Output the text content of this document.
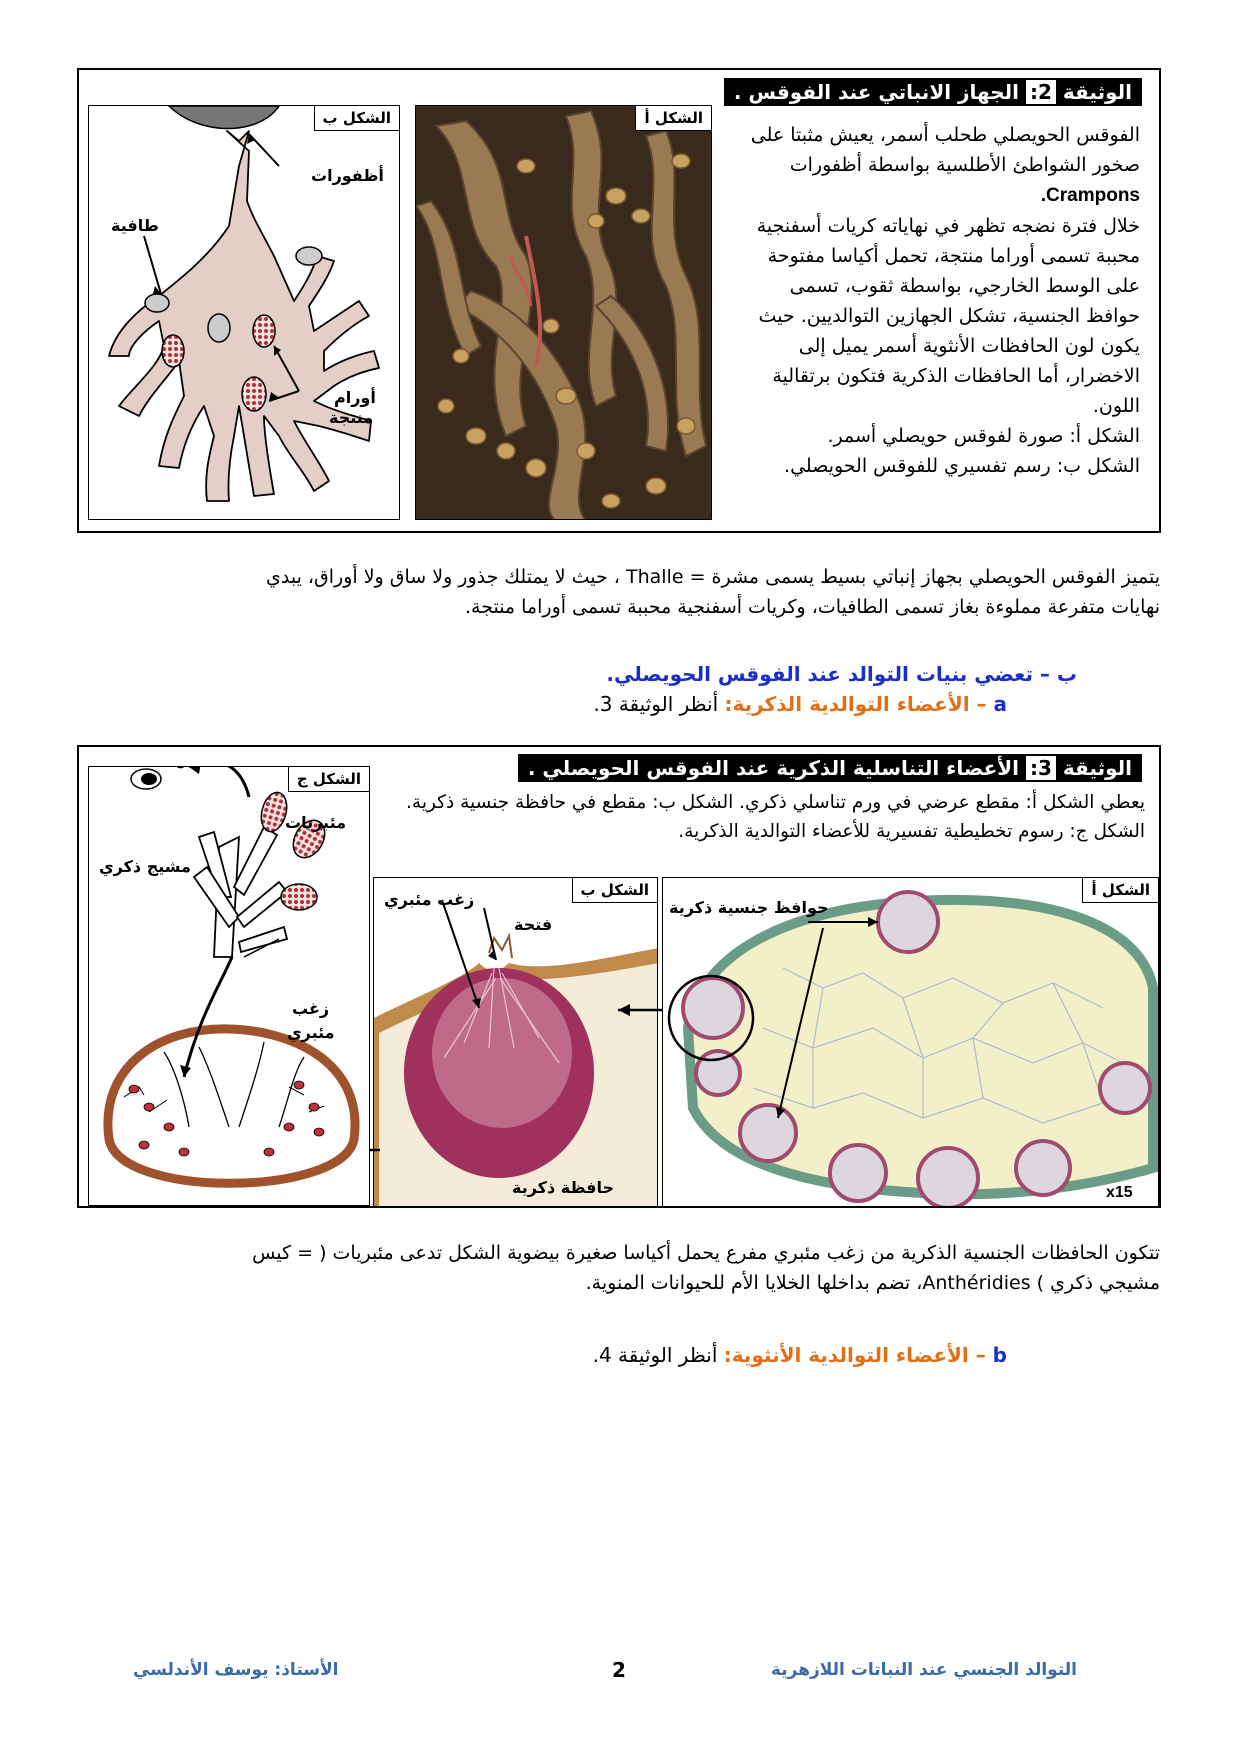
الوثيقة 2: الجهاز الانباتي عند الفوقس .
الفوقس الحويصلي طحلب أسمر، يعيش مثبتا على صخور الشواطئ الأطلسية بواسطة أظفورات Crampons.
خلال فترة نضجه تظهر في نهاياته كريات أسفنجية محببة تسمى أوراما منتجة، تحمل أكياسا مفتوحة على الوسط الخارجي، بواسطة ثقوب، تسمى حوافظ الجنسية، تشكل الجهازين التوالديين. حيث يكون لون الحافظات الأنثوية أسمر يميل إلى الاخضرار، أما الحافظات الذكرية فتكون برتقالية اللون.
الشكل أ: صورة لفوقس حويصلي أسمر.
الشكل ب: رسم تفسيري للفوقس الحويصلي.
الشكل أ
الشكل ب
أظفورات
طافية
أورام
منتجة
يتميز الفوقس الحويصلي بجهاز إنباتي بسيط يسمى مشرة = Thalle ، حيث لا يمتلك جذور ولا ساق ولا أوراق، يبدي
نهايات متفرعة مملوءة بغاز تسمى الطافيات، وكريات أسفنجية محببة تسمى أوراما منتجة.
ب – تعضي بنيات التوالد عند الفوقس الحويصلي.
a – الأعضاء التوالدية الذكرية: أنظر الوثيقة 3.
الوثيقة 3: الأعضاء التناسلية الذكرية عند الفوقس الحويصلي .
يعطي الشكل أ: مقطع عرضي في ورم تناسلي ذكري. الشكل ب: مقطع في حافظة جنسية ذكرية. الشكل ج: رسوم تخطيطية تفسيرية للأعضاء التوالدية الذكرية.
الشكل أ
حوافظ جنسية ذكرية
x15
الشكل ب
زغب مئبري
فتحة
حافظة ذكرية
الشكل ج
مئبريات
مشيج ذكري
زغب
مئبري
تتكون الحافظات الجنسية الذكرية من زغب مئبري مفرع يحمل أكياسا صغيرة بيضوية الشكل تدعى مئبريات ( = كيس
مشيجي ذكري ) Anthéridies، تضم بداخلها الخلايا الأم للحيوانات المنوية.
b – الأعضاء التوالدية الأنثوية: أنظر الوثيقة 4.
التوالد الجنسي عند النباتات اللازهرية
2
الأستاذ: يوسف الأندلسي
